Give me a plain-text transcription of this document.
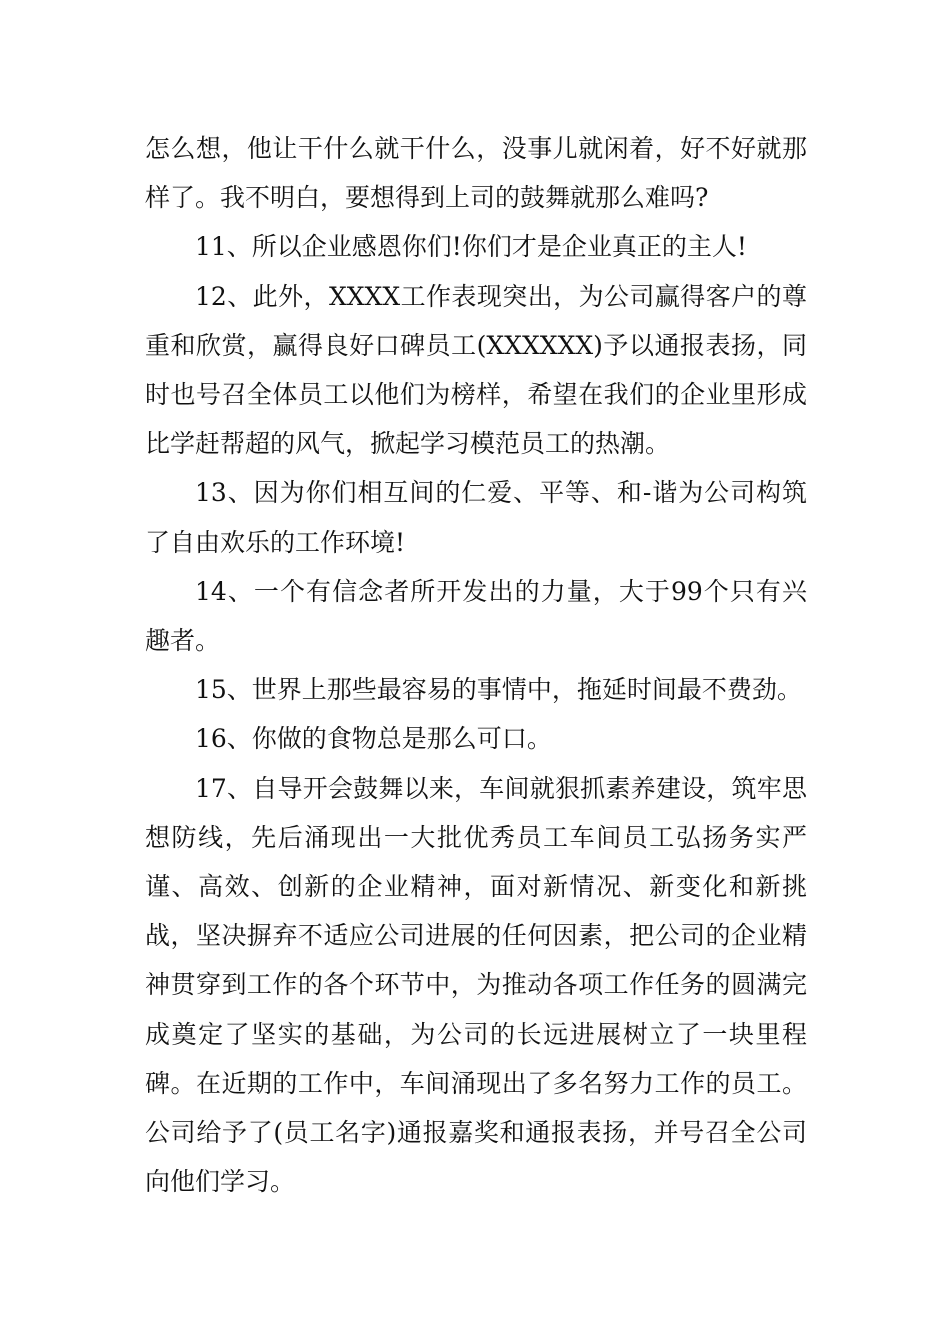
怎么想，他让干什么就干什么，没事儿就闲着，好不好就那样了。我不明白，要想得到上司的鼓舞就那么难吗?

11、所以企业感恩你们!你们才是企业真正的主人!

12、此外，XXXX工作表现突出，为公司赢得客户的尊重和欣赏，赢得良好口碑员工(XXXXXX)予以通报表扬，同时也号召全体员工以他们为榜样，希望在我们的企业里形成比学赶帮超的风气，掀起学习模范员工的热潮。

13、因为你们相互间的仁爱、平等、和-谐为公司构筑了自由欢乐的工作环境!

14、一个有信念者所开发出的力量，大于99个只有兴趣者。

15、世界上那些最容易的事情中，拖延时间最不费劲。

16、你做的食物总是那么可口。

17、自导开会鼓舞以来，车间就狠抓素养建设，筑牢思想防线，先后涌现出一大批优秀员工车间员工弘扬务实严谨、高效、创新的企业精神，面对新情况、新变化和新挑战，坚决摒弃不适应公司进展的任何因素，把公司的企业精神贯穿到工作的各个环节中，为推动各项工作任务的圆满完成奠定了坚实的基础，为公司的长远进展树立了一块里程碑。在近期的工作中，车间涌现出了多名努力工作的员工。公司给予了(员工名字)通报嘉奖和通报表扬，并号召全公司向他们学习。
